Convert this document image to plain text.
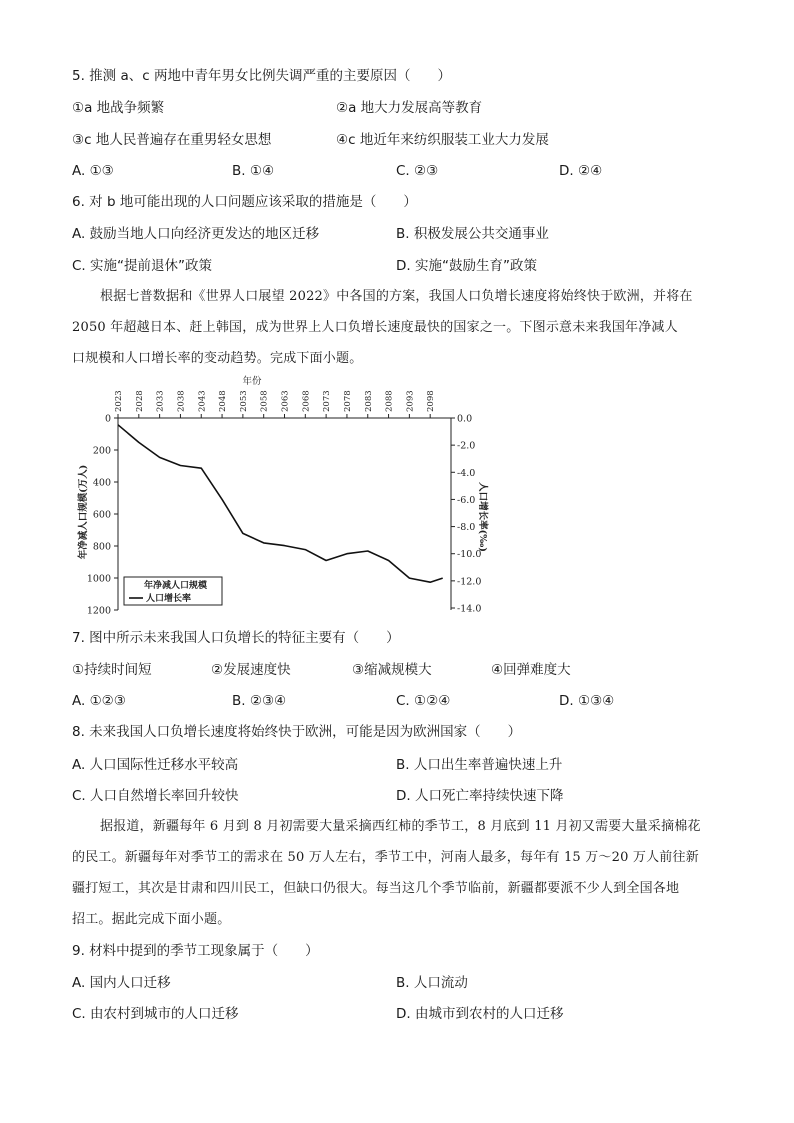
5. 推测 a、c 两地中青年男女比例失调严重的主要原因（　　）
①a 地战争频繁	②a 地大力发展高等教育
③c 地人民普遍存在重男轻女思想	④c 地近年来纺织服装工业大力发展
A. ①③	B. ①④	C. ②③	D. ②④
6. 对 b 地可能出现的人口问题应该采取的措施是（　　）
A. 鼓励当地人口向经济更发达的地区迁移	B. 积极发展公共交通事业
C. 实施“提前退休”政策	D. 实施“鼓励生育”政策
根据七普数据和《世界人口展望 2022》中各国的方案，我国人口负增长速度将始终快于欧洲，并将在
2050 年超越日本、赶上韩国，成为世界上人口负增长速度最快的国家之一。下图示意未来我国年净减人
口规模和人口增长率的变动趋势。完成下面小题。
2023 2028 2033 2038 2043 2048 2053 2058 2063 2068 2073 2078 2083 2088 2093 2098
年份
0
200
400
600
800
1000
1200
0.0
-2.0
-4.0
-6.0
-8.0
-10.0
-12.0
-14.0
年净减人口规模(万人)	人口增长率(‰)
年净减人口规模
人口增长率
7. 图中所示未来我国人口负增长的特征主要有（　　）
①持续时间短	②发展速度快	③缩减规模大	④回弹难度大
A. ①②③	B. ②③④	C. ①②④	D. ①③④
8. 未来我国人口负增长速度将始终快于欧洲，可能是因为欧洲国家（　　）
A. 人口国际性迁移水平较高	B. 人口出生率普遍快速上升
C. 人口自然增长率回升较快	D. 人口死亡率持续快速下降
据报道，新疆每年 6 月到 8 月初需要大量采摘西红柿的季节工，8 月底到 11 月初又需要大量采摘棉花
的民工。新疆每年对季节工的需求在 50 万人左右，季节工中，河南人最多，每年有 15 万～20 万人前往新
疆打短工，其次是甘肃和四川民工，但缺口仍很大。每当这几个季节临前，新疆都要派不少人到全国各地
招工。据此完成下面小题。
9. 材料中提到的季节工现象属于（　　）
A. 国内人口迁移	B. 人口流动
C. 由农村到城市的人口迁移	D. 由城市到农村的人口迁移
